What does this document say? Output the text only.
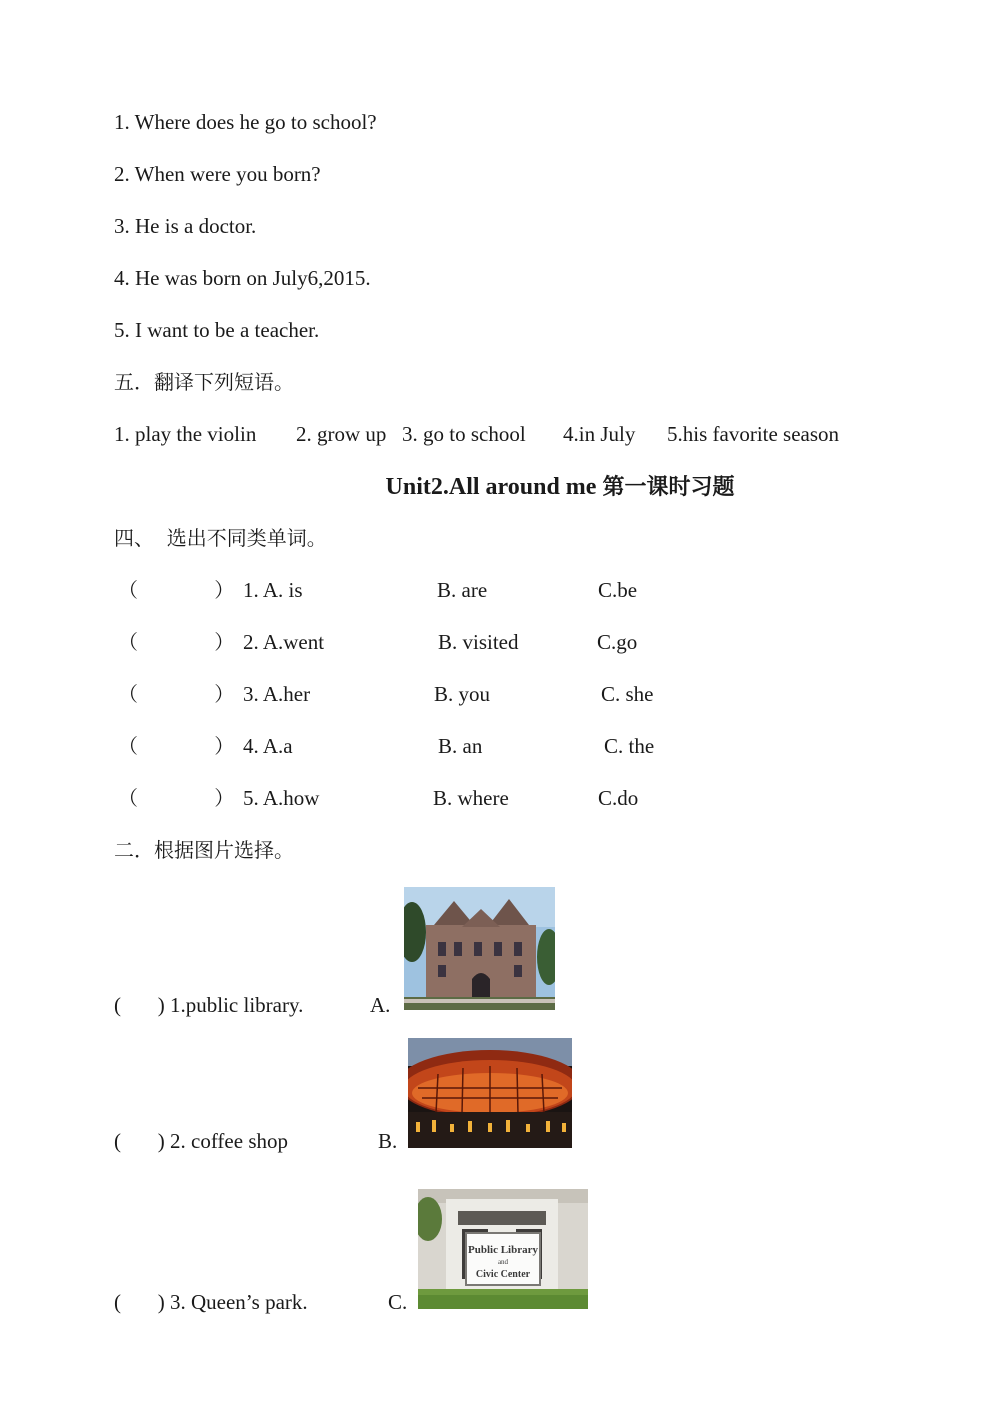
1. Where does he go to school?
2. When were you born?
3. He is a doctor.
4. He was born on July6,2015.
5. I want to be a teacher.
五．翻译下列短语。
1. play the violin 2. grow up 3. go to school 4.in July 5.his favorite season
Unit2.All around me 第一课时习题
四、  选出不同类单词。
（            ） 1. A. is	B. are	C.be
（            ） 2. A.went	B. visited	C.go
（            ） 3. A.her	B. you	C. she
（            ） 4. A.a	B. an	C. the
（            ） 5. A.how	B. where	C.do
二．根据图片选择。
(       ) 1.public library.	A.
(       ) 2. coffee shop	B.
(       ) 3. Queen’s park.	C.
Public Library
and
Civic Center
